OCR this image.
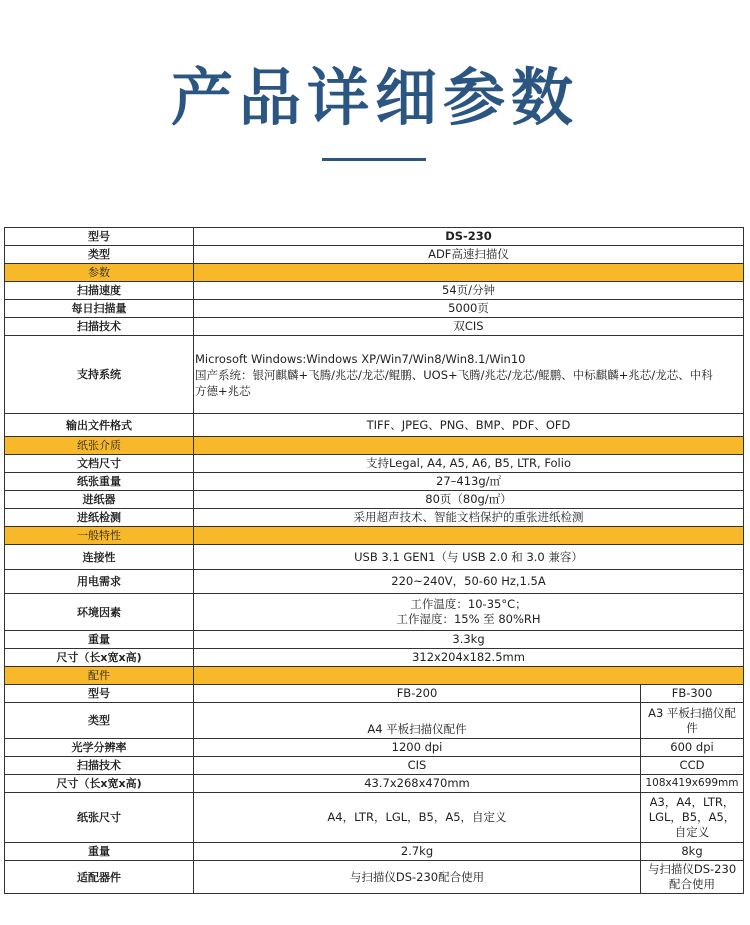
产品详细参数
型号	DS-230	
类型	ADF高速扫描仪	
参数		
扫描速度	54页/分钟	
每日扫描量	5000页	
扫描技术	双CIS	
支持系统	Microsoft Windows:Windows XP/Win7/Win8/Win8.1/Win10
国产系统：银河麒麟+飞腾/兆芯/龙芯/鲲鹏、UOS+飞腾/兆芯/龙芯/鲲鹏、中标麒麟+兆芯/龙芯、中科
方德+兆芯	

输出文件格式	TIFF、JPEG、PNG、BMP、PDF、OFD	
纸张介质		
文档尺寸	支持Legal, A4, A5, A6, B5, LTR, Folio	
纸张重量	27–413g/㎡	
进纸器	80页（80g/㎡）	
进纸检测	采用超声技术、智能文档保护的重张进纸检测	
一般特性		
连接性	USB 3.1 GEN1（与 USB 2.0 和 3.0 兼容）	
用电需求	220~240V，50-60 Hz,1.5A	
环境因素	工作温度：10-35°C；
工作湿度：15% 至 80%RH	

重量	3.3kg	
尺寸（长x宽x高)	312x204x182.5mm	
配件		
型号	FB-200	FB-300
类型	A4 平板扫描仪配件	A3 平板扫描仪配件
光学分辨率	1200 dpi	600 dpi
扫描技术	CIS	CCD
尺寸（长x宽x高)	43.7x268x470mm	108x419x699mm
纸张尺寸	A4，LTR，LGL，B5，A5，自定义	A3，A4，LTR，LGL，B5，A5，自定义
重量	2.7kg	8kg
适配器件	与扫描仪DS-230配合使用	与扫描仪DS-230配合使用
